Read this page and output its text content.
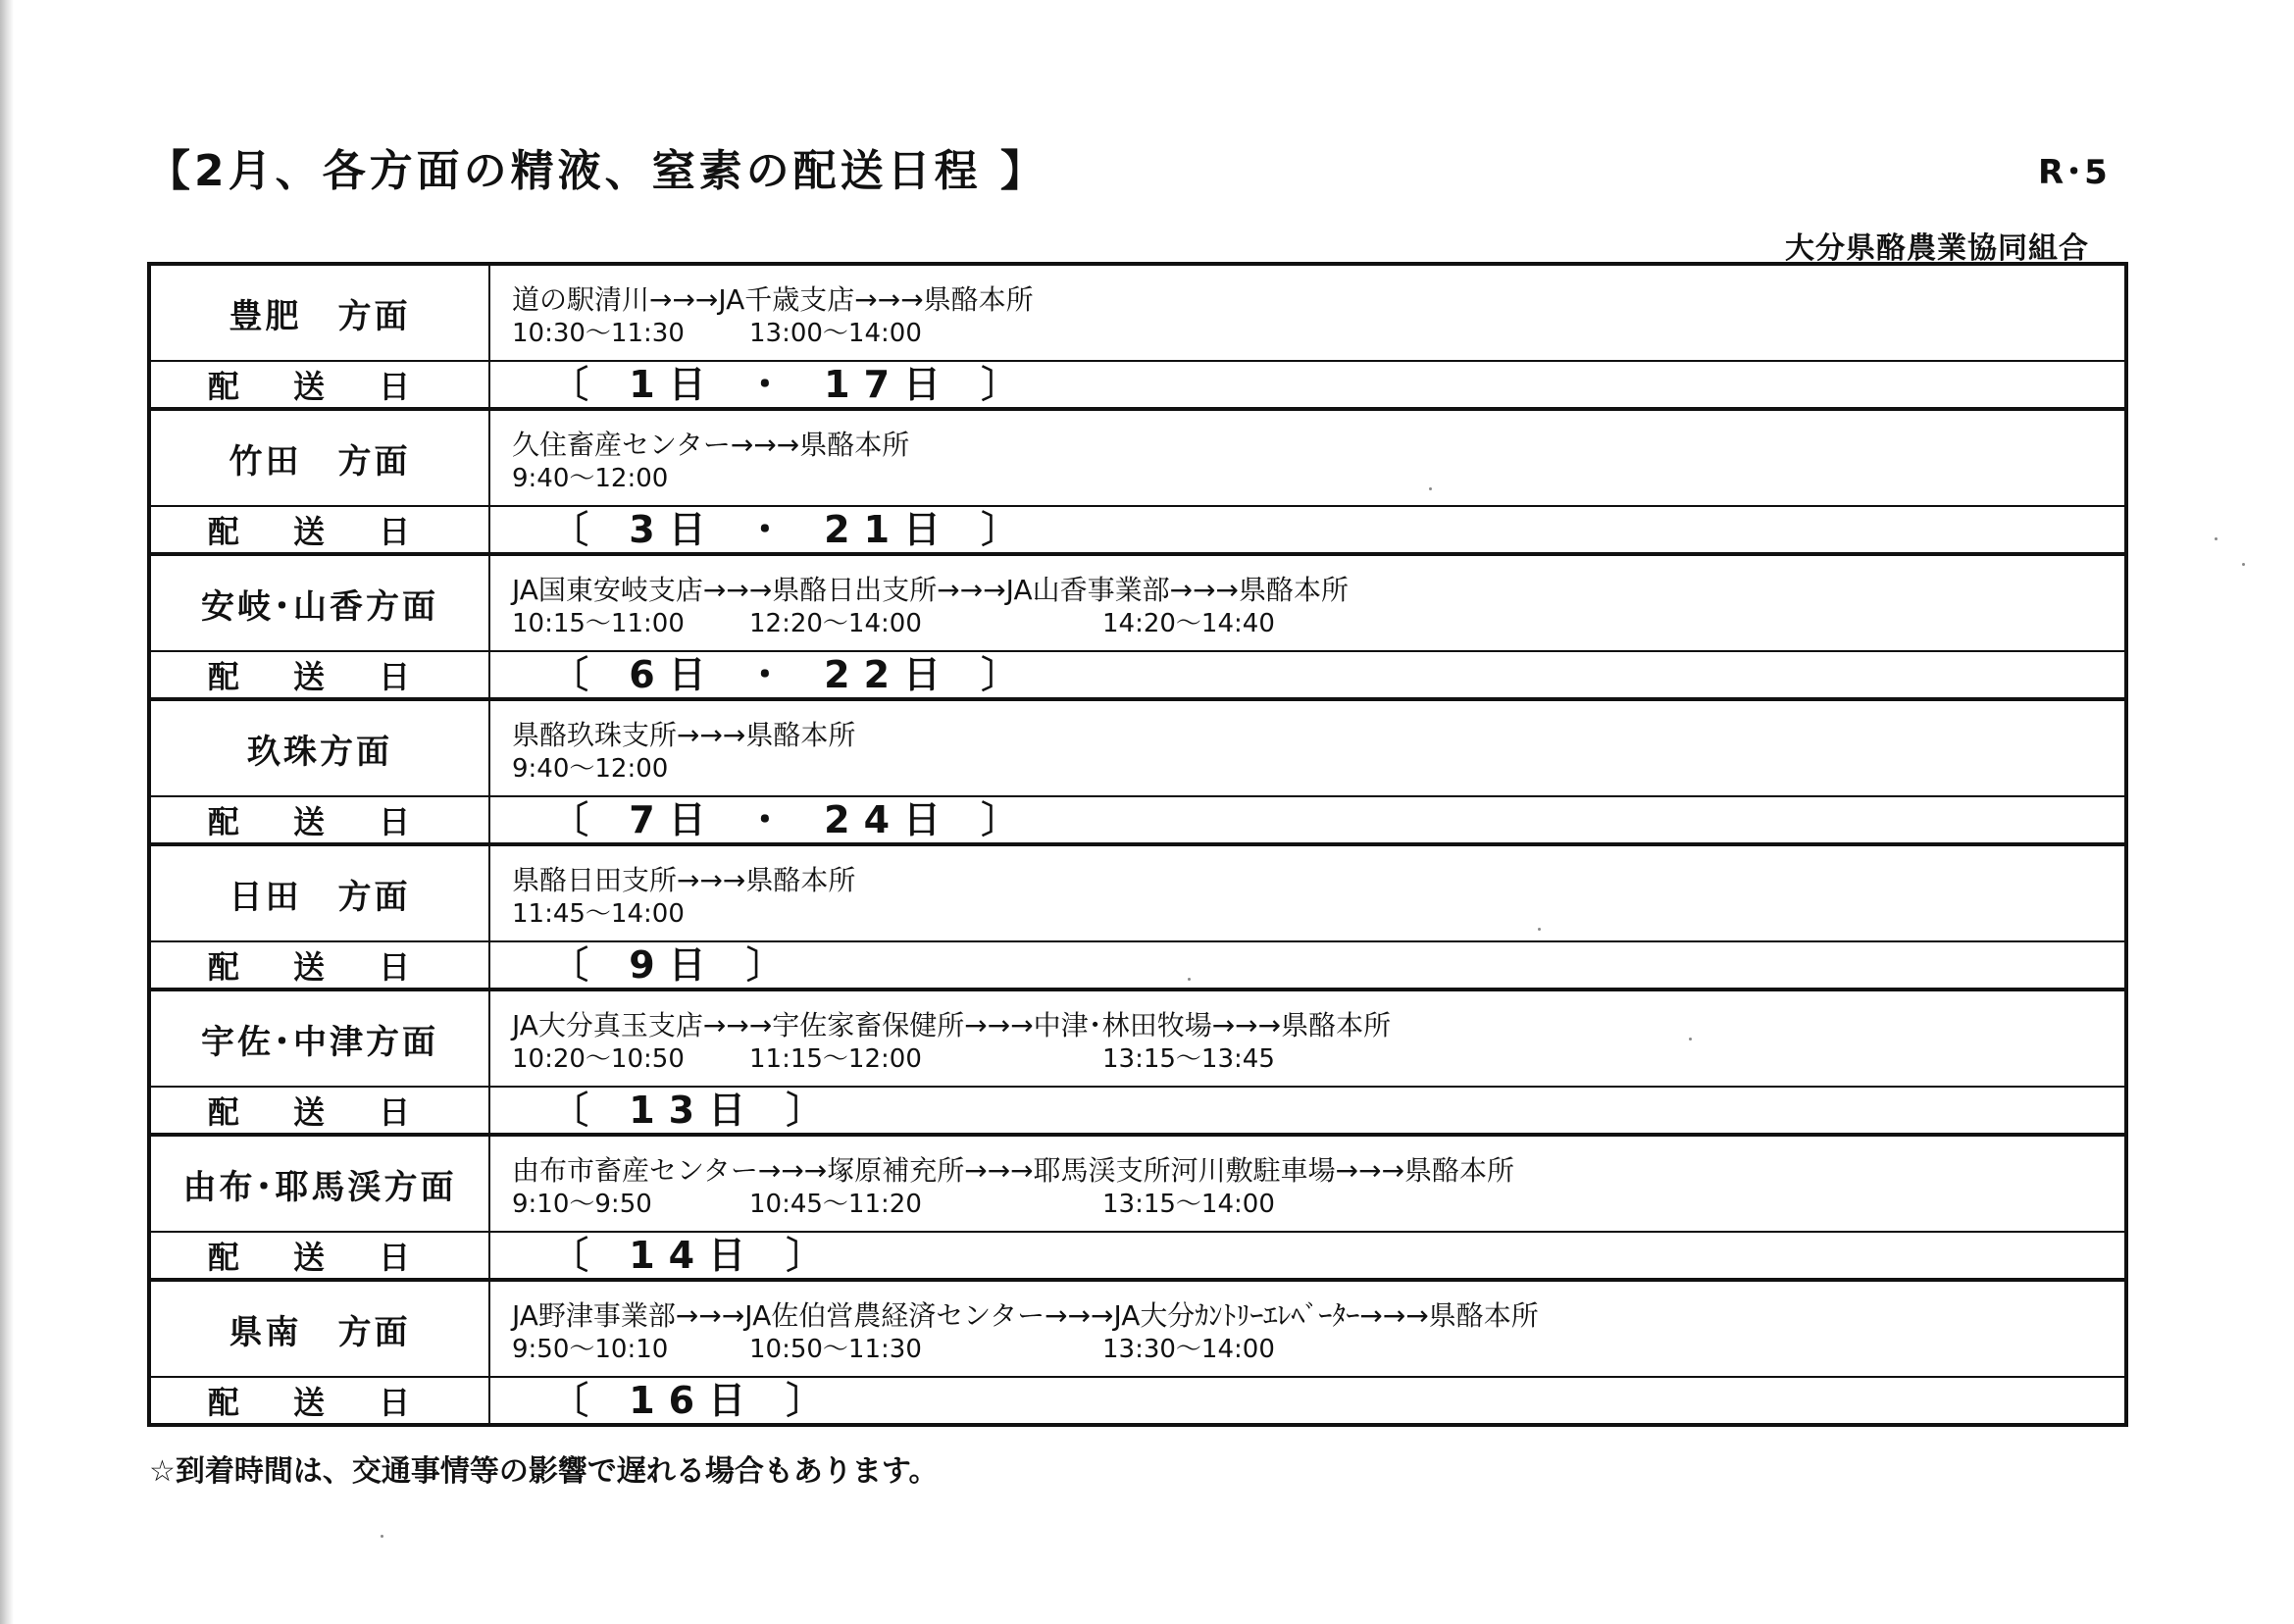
【2月、各方面の精液、窒素の配送日程 】	R･5
大分県酪農業協同組合
豊肥　方面	道の駅清川→→→JA千歳支店→→→県酪本所
10:30～11:30 13:00～14:00

配 送 日	〔 1日 ・ 17日 〕

竹田　方面	久住畜産センター→→→県酪本所
9:40～12:00

配 送 日	〔 3日 ・ 21日 〕

安岐･山香方面	JA国東安岐支店→→→県酪日出支所→→→JA山香事業部→→→県酪本所
10:15～11:00 12:20～14:00 14:20～14:40

配 送 日	〔 6日 ・ 22日 〕

玖珠方面	県酪玖珠支所→→→県酪本所
9:40～12:00

配 送 日	〔 7日 ・ 24日 〕

日田　方面	県酪日田支所→→→県酪本所
11:45～14:00

配 送 日	〔 9日 〕

宇佐･中津方面	JA大分真玉支店→→→宇佐家畜保健所→→→中津･林田牧場→→→県酪本所
10:20～10:50 11:15～12:00 13:15～13:45

配 送 日	〔 13日 〕

由布･耶馬渓方面	由布市畜産センター→→→塚原補充所→→→耶馬渓支所河川敷駐車場→→→県酪本所
9:10～9:50 10:45～11:20 13:15～14:00

配 送 日	〔 14日 〕

県南　方面	JA野津事業部→→→JA佐伯営農経済センター→→→JA大分ｶﾝﾄﾘｰｴﾚﾍﾞｰﾀｰ→→→県酪本所
9:50～10:10 10:50～11:30 13:30～14:00

配 送 日	〔 16日 〕
☆到着時間は、交通事情等の影響で遅れる場合もあります。
